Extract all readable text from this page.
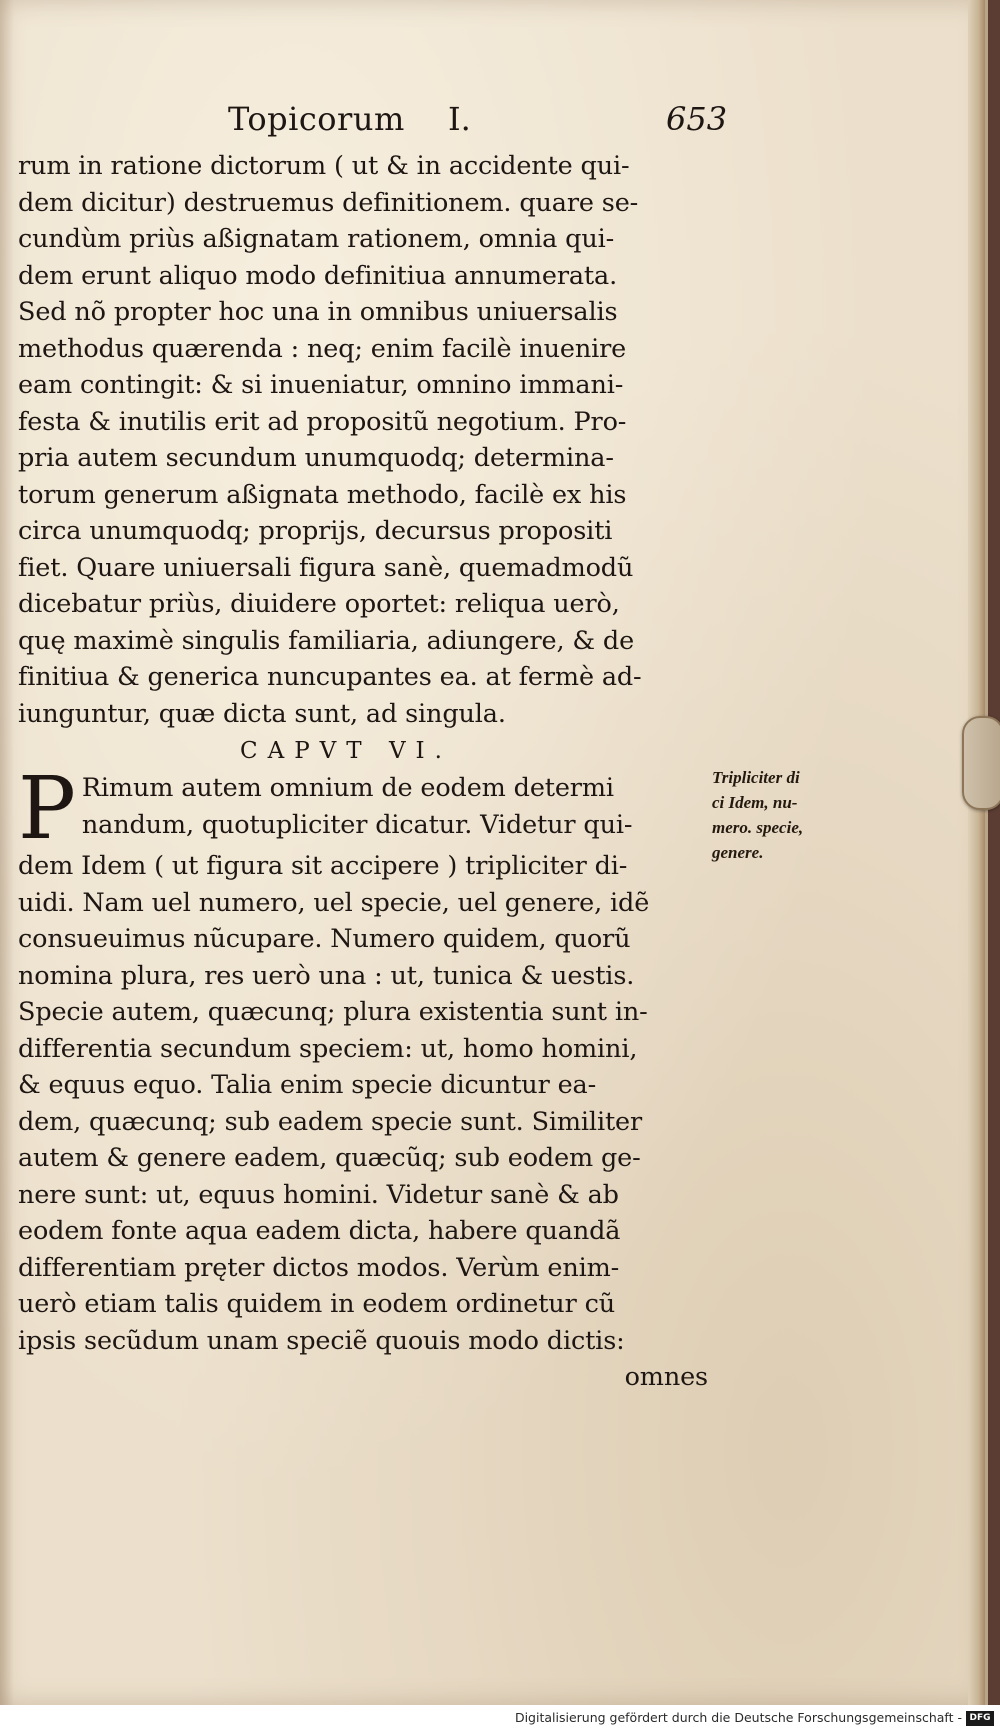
Topicorum I.	653
rum in ratione dictorum ( ut & in accidente qui-
dem dicitur) destruemus definitionem. quare se-
cundùm priùs aßignatam rationem, omnia qui-
dem erunt aliquo modo definitiua annumerata.
Sed nõ propter hoc una in omnibus uniuersalis
methodus quærenda : neq; enim facilè inuenire
eam contingit: & si inueniatur, omnino immani-
festa & inutilis erit ad propositũ negotium. Pro-
pria autem secundum unumquodq; determina-
torum generum aßignata methodo, facilè ex his
circa unumquodq; proprijs, decursus propositi
fiet. Quare uniuersali figura sanè, quemadmodũ
dicebatur priùs, diuidere oportet: reliqua uerò,
quę maximè singulis familiaria, adiungere, & de
finitiua & generica nuncupantes ea. at fermè ad-
iunguntur, quæ dicta sunt, ad singula.
CAPVT VI.
P Rimum autem omnium de eodem determi
nandum, quotupliciter dicatur. Videtur qui-
dem Idem ( ut figura sit accipere ) tripliciter di-
uidi. Nam uel numero, uel specie, uel genere, idẽ
consueuimus nũcupare. Numero quidem, quorũ
nomina plura, res uerò una : ut, tunica & uestis.
Specie autem, quæcunq; plura existentia sunt in-
differentia secundum speciem: ut, homo homini,
& equus equo. Talia enim specie dicuntur ea-
dem, quæcunq; sub eadem specie sunt. Similiter
autem & genere eadem, quæcũq; sub eodem ge-
nere sunt: ut, equus homini. Videtur sanè & ab
eodem fonte aqua eadem dicta, habere quandã
differentiam pręter dictos modos. Verùm enim-
uerò etiam talis quidem in eodem ordinetur cũ
ipsis secũdum unam speciẽ quouis modo dictis:
omnes
Tripliciter di
ci Idem, nu-
mero. specie,
genere.
Digitalisierung gefördert durch die Deutsche Forschungsgemeinschaft - DFG
